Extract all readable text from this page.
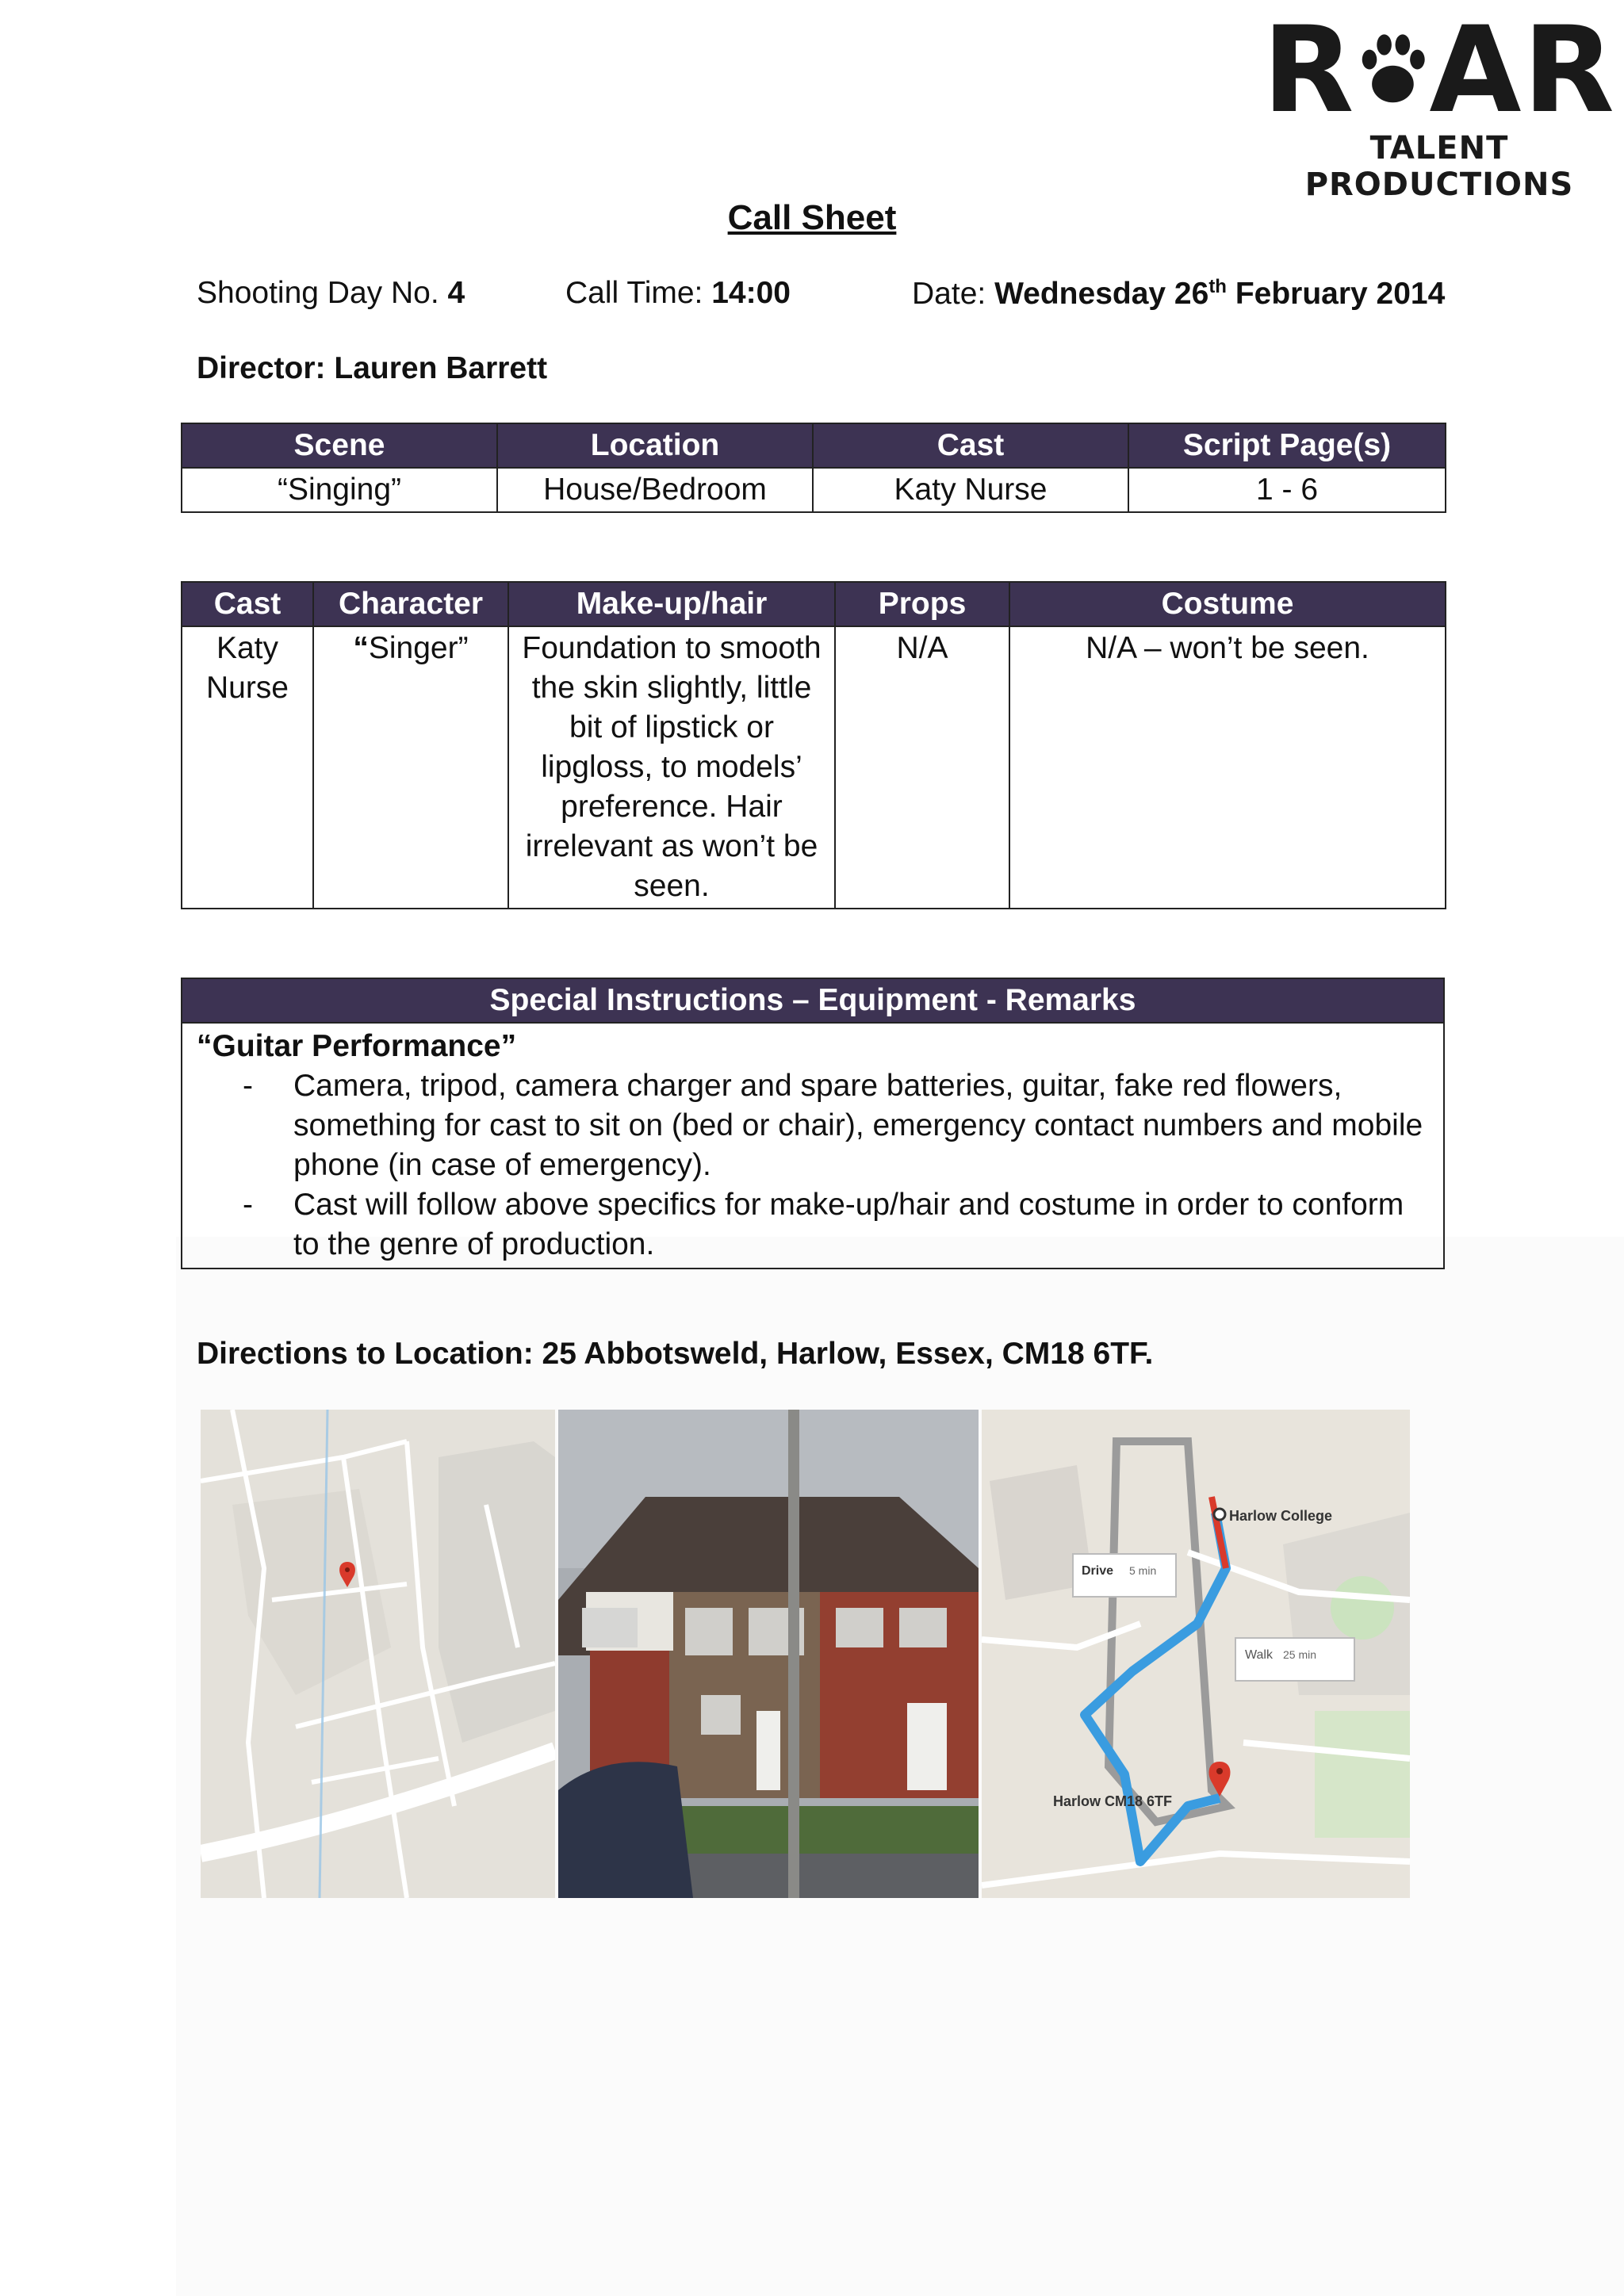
R AR
TALENT PRODUCTIONS
Call Sheet
Shooting Day No. 4	Call Time: 14:00	Date: Wednesday 26th February 2014
Director: Lauren Barrett
Scene	Location	Cast	Script Page(s)
“Singing”	House/Bedroom	Katy Nurse	1 - 6
Cast	Character	Make-up/hair	Props	Costume
Katy Nurse	“Singer”	Foundation to smooth the skin slightly, little bit of lipstick or lipgloss, to models’ preference. Hair irrelevant as won’t be seen.	N/A	N/A – won’t be seen.
Special Instructions – Equipment - Remarks

“Guitar Performance”
- Camera, tripod, camera charger and spare batteries, guitar, fake red flowers, something for cast to sit on (bed or chair), emergency contact numbers and mobile phone (in case of emergency).
- Cast will follow above specifics for make-up/hair and costume in order to conform to the genre of production.
Directions to Location: 25 Abbotsweld, Harlow, Essex, CM18 6TF.
Harlow College
Drive 5 min
Walk 25 min
Harlow CM18 6TF
